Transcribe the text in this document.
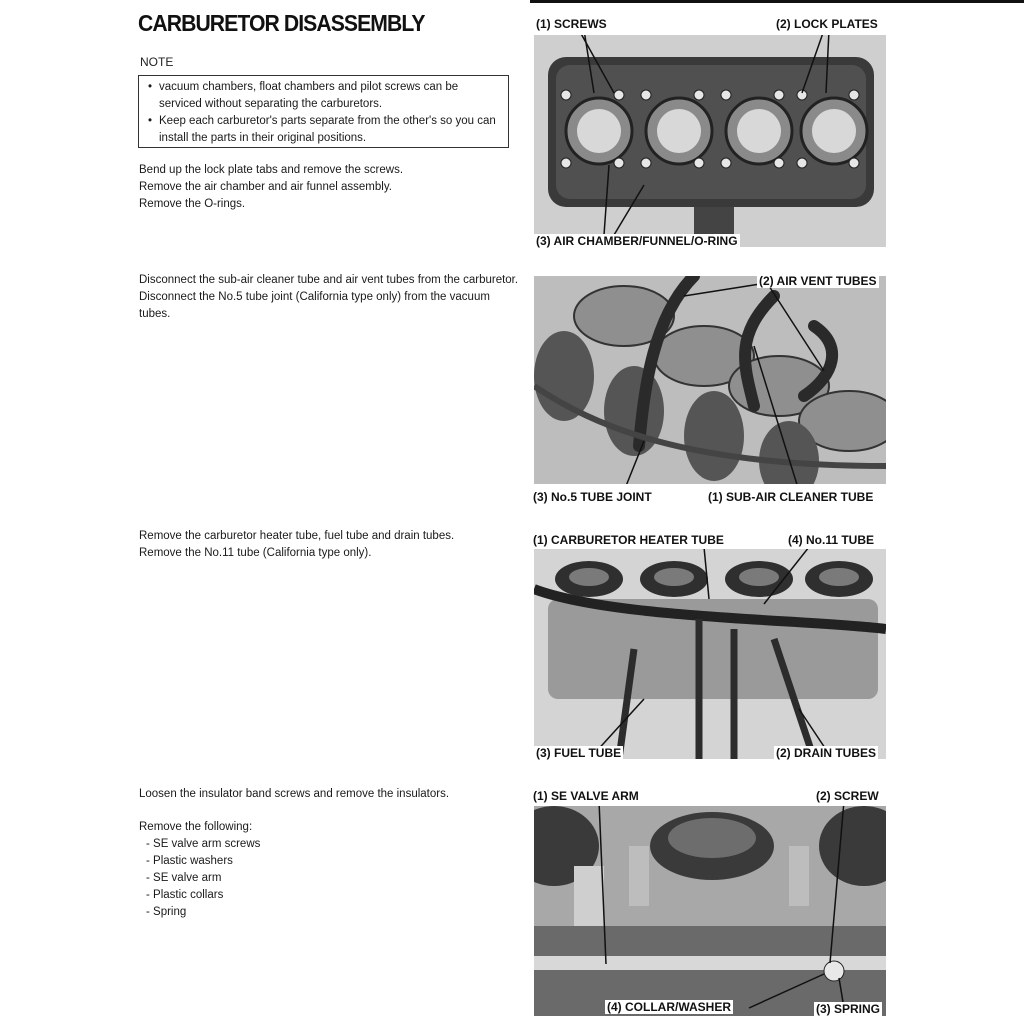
CARBURETOR DISASSEMBLY
NOTE
• vacuum chambers, float chambers and pilot screws can be serviced without separating the carburetors.
• Keep each carburetor's parts separate from the other's so you can install the parts in their original positions.
Bend up the lock plate tabs and remove the screws.
Remove the air chamber and air funnel assembly.
Remove the O-rings.
Disconnect the sub-air cleaner tube and air vent tubes from the carburetor.
Disconnect the No.5 tube joint (California type only) from the vacuum tubes.
Remove the carburetor heater tube, fuel tube and drain tubes.
Remove the No.11 tube (California type only).
Loosen the insulator band screws and remove the insulators.
Remove the following:
- SE valve arm screws
- Plastic washers
- SE valve arm
- Plastic collars
- Spring
(1) SCREWS	(2) LOCK PLATES
(3) AIR CHAMBER/FUNNEL/O-RING
(2) AIR VENT TUBES
(3) No.5 TUBE JOINT	(1) SUB-AIR CLEANER TUBE
(1) CARBURETOR HEATER TUBE	(4) No.11 TUBE
(3) FUEL TUBE	(2) DRAIN TUBES
(1) SE VALVE ARM	(2) SCREW
(4) COLLAR/WASHER	(3) SPRING
